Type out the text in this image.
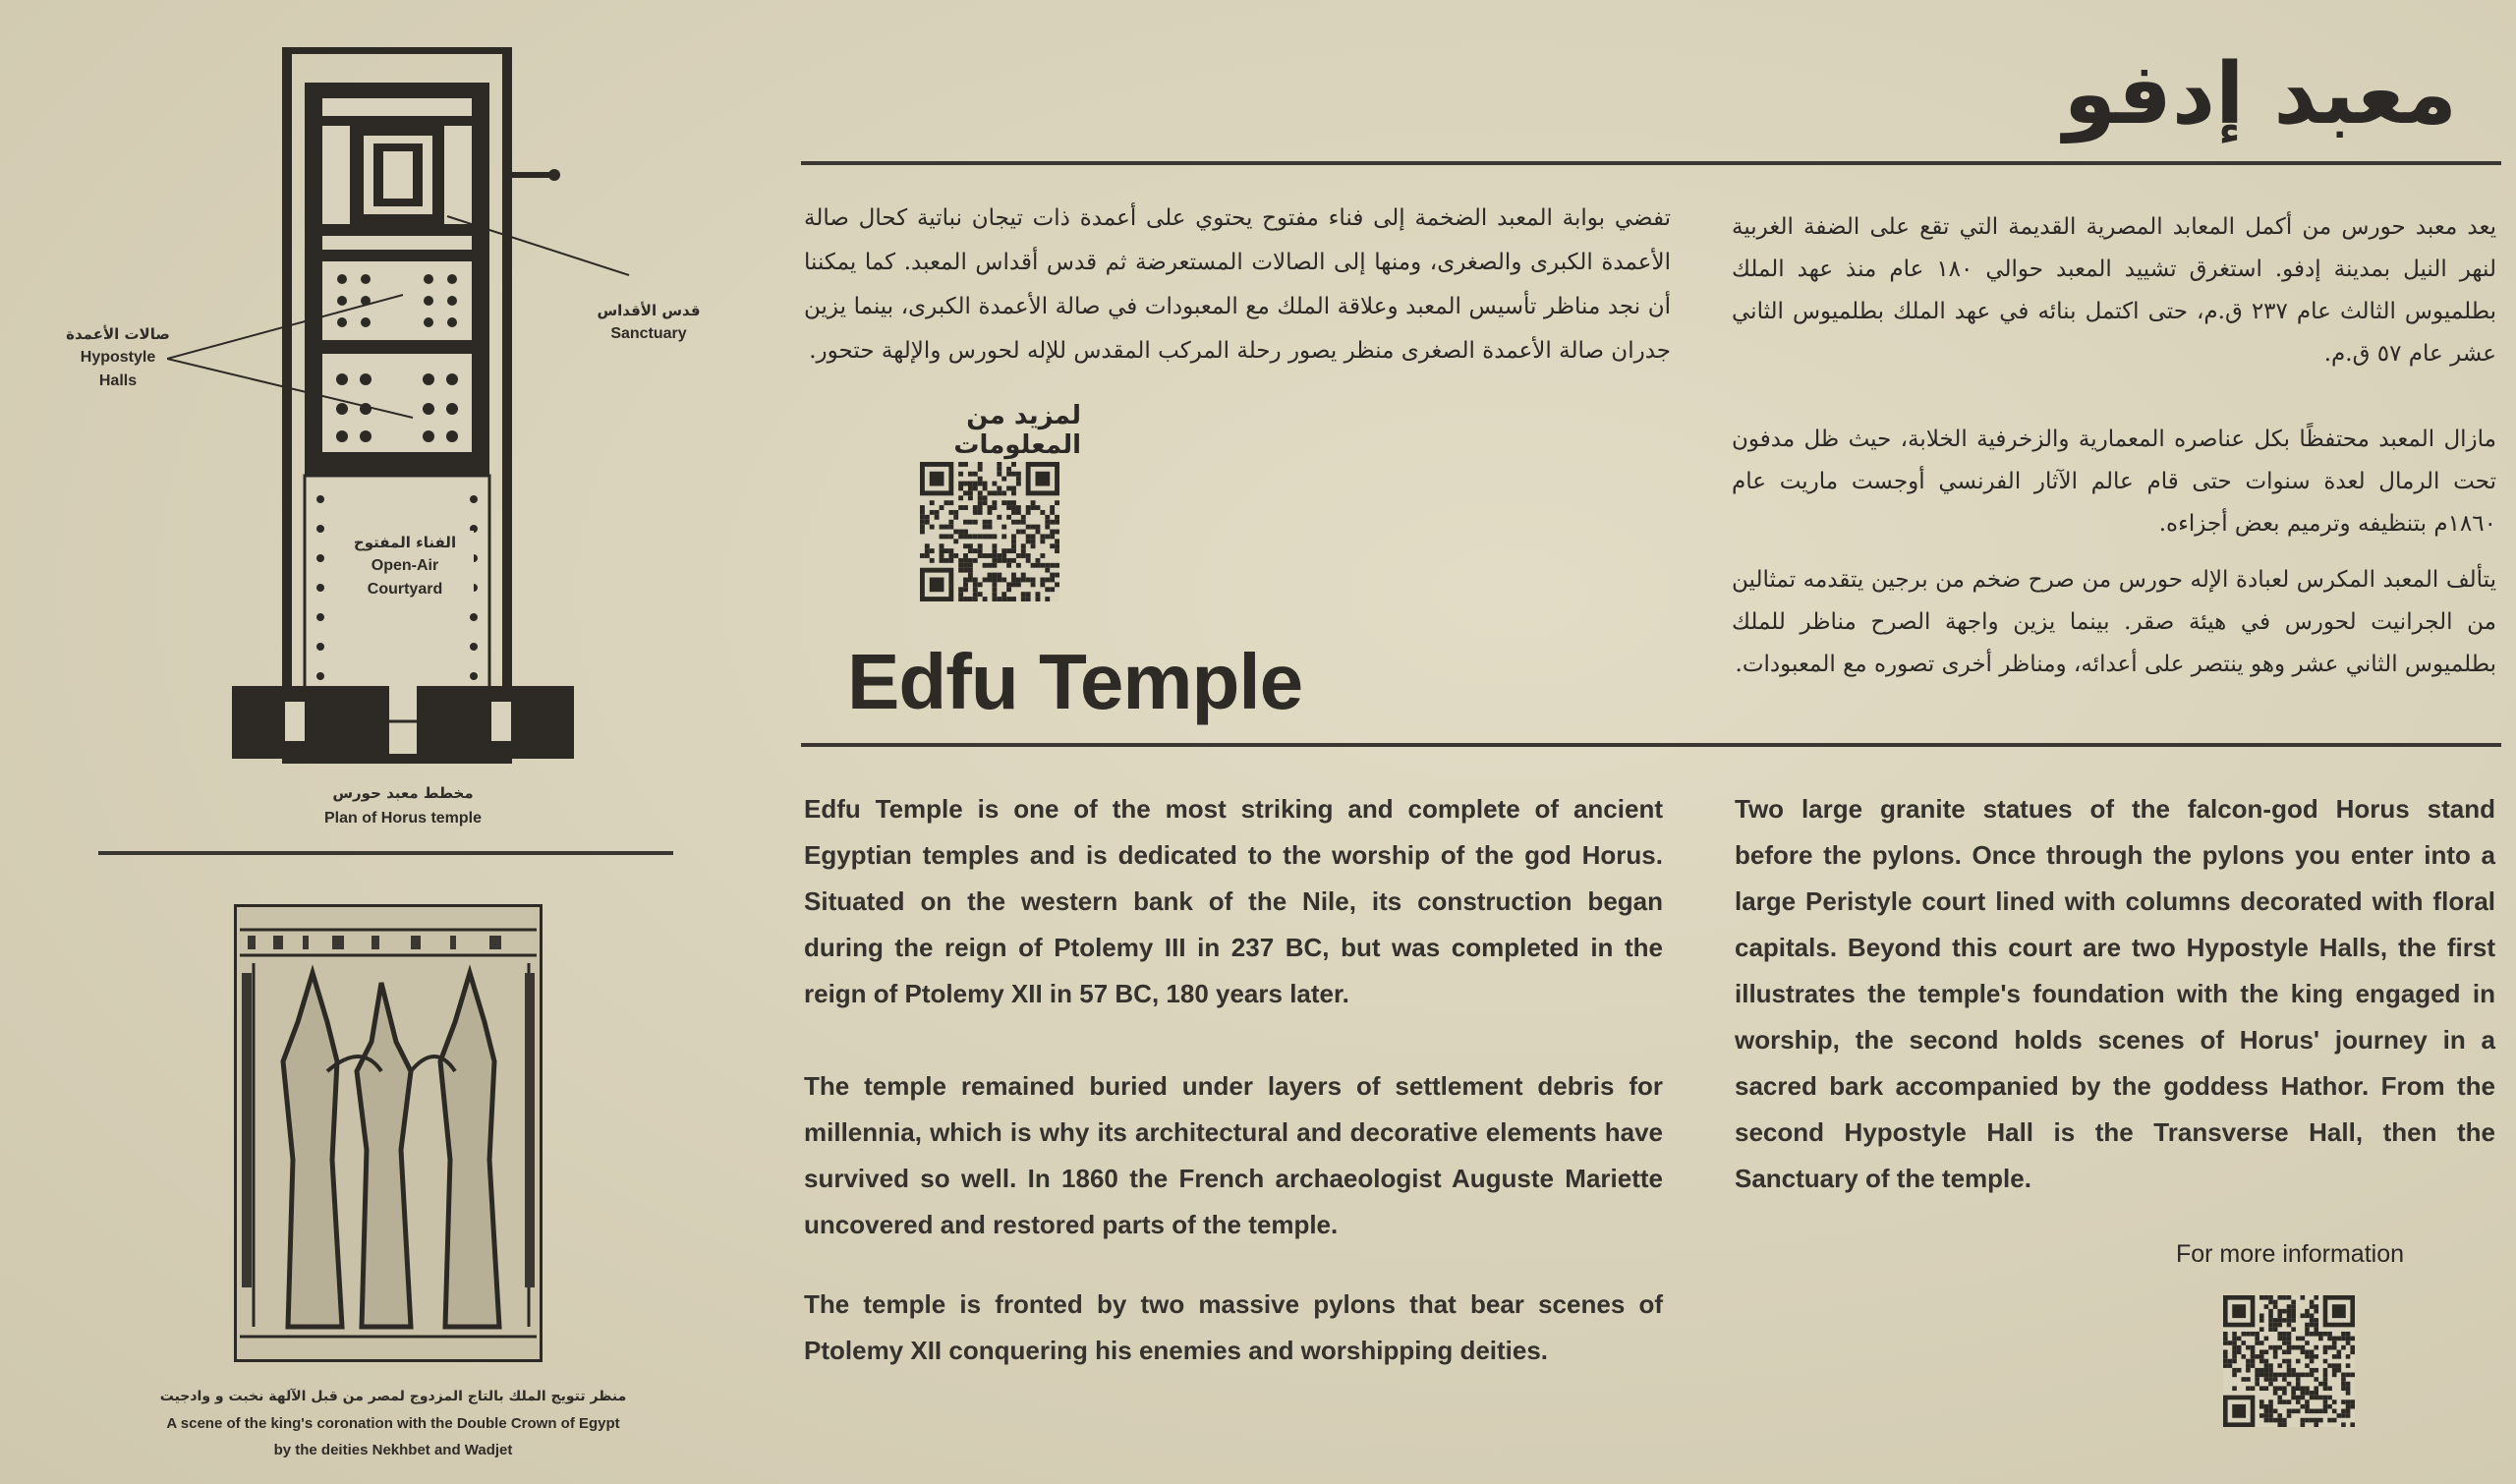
قدس الأقداس
Sanctuary
صالات الأعمدة
Hypostyle
Halls
الفناء المفتوح
Open-Air
Courtyard
مخطط معبد حورس
Plan of Horus temple
منظر تتويج الملك بالتاج المزدوج لمصر من قبل الآلهة نخبت و وادجيت
A scene of the king's coronation with the Double Crown of Egypt
by the deities Nekhbet and Wadjet
معبد إدفو

يعد معبد حورس من أكمل المعابد المصرية القديمة التي تقع على الضفة الغربية لنهر النيل بمدينة إدفو. استغرق تشييد المعبد حوالي ١٨٠ عام منذ عهد الملك بطلميوس الثالث عام ٢٣٧ ق.م، حتى اكتمل بنائه في عهد الملك بطلميوس الثاني عشر عام ٥٧ ق.م.

مازال المعبد محتفظًا بكل عناصره المعمارية والزخرفية الخلابة، حيث ظل مدفون تحت الرمال لعدة سنوات حتى قام عالم الآثار الفرنسي أوجست ماريت عام ١٨٦٠م بتنظيفه وترميم بعض أجزاءه.

يتألف المعبد المكرس لعبادة الإله حورس من صرح ضخم من برجين يتقدمه تمثالين من الجرانيت لحورس في هيئة صقر. بينما يزين واجهة الصرح مناظر للملك بطلميوس الثاني عشر وهو ينتصر على أعدائه، ومناظر أخرى تصوره مع المعبودات.

تفضي بوابة المعبد الضخمة إلى فناء مفتوح يحتوي على أعمدة ذات تيجان نباتية كحال صالة الأعمدة الكبرى والصغرى، ومنها إلى الصالات المستعرضة ثم قدس أقداس المعبد. كما يمكننا أن نجد مناظر تأسيس المعبد وعلاقة الملك مع المعبودات في صالة الأعمدة الكبرى، بينما يزين جدران صالة الأعمدة الصغرى منظر يصور رحلة المركب المقدس للإله لحورس والإلهة حتحور.

لمزيد من المعلومات
Edfu Temple

Edfu Temple is one of the most striking and complete of ancient Egyptian temples and is dedicated to the worship of the god Horus. Situated on the western bank of the Nile, its construction began during the reign of Ptolemy III in 237 BC, but was completed in the reign of Ptolemy XII in 57 BC, 180 years later.

The temple remained buried under layers of settlement debris for millennia, which is why its architectural and decorative elements have survived so well. In 1860 the French archaeologist Auguste Mariette uncovered and restored parts of the temple.

The temple is fronted by two massive pylons that bear scenes of Ptolemy XII conquering his enemies and worshipping deities.

Two large granite statues of the falcon-god Horus stand before the pylons. Once through the pylons you enter into a large Peristyle court lined with columns decorated with floral capitals. Beyond this court are two Hypostyle Halls, the first illustrates the temple's foundation with the king engaged in worship, the second holds scenes of Horus' journey in a sacred bark accompanied by the goddess Hathor. From the second Hypostyle Hall is the Transverse Hall, then the Sanctuary of the temple.

For more information
